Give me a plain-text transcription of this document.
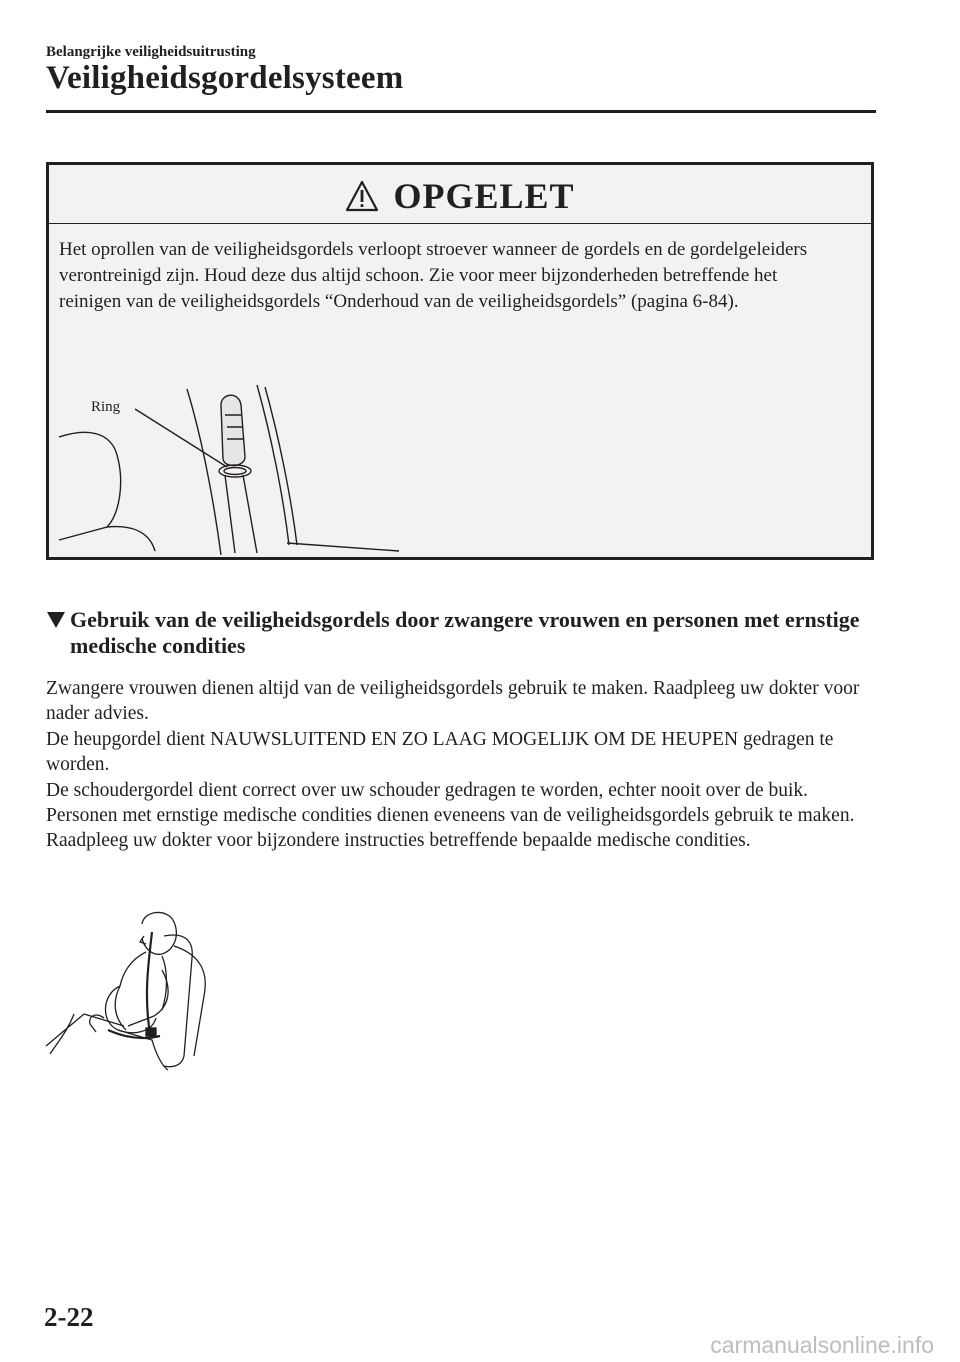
Belangrijke veiligheidsuitrusting
Veiligheidsgordelsysteem
OPGELET
Het oprollen van de veiligheidsgordels verloopt stroever wanneer de gordels en de gordelgeleiders verontreinigd zijn. Houd deze dus altijd schoon. Zie voor meer bijzonderheden betreffende het reinigen van de veiligheidsgordels “Onderhoud van de veiligheidsgordels” (pagina 6-84).
Ring
Gebruik van de veiligheidsgordels door zwangere vrouwen en personen met ernstige medische condities

Zwangere vrouwen dienen altijd van de veiligheidsgordels gebruik te maken. Raadpleeg uw dokter voor nader advies.

De heupgordel dient NAUWSLUITEND EN ZO LAAG MOGELIJK OM DE HEUPEN gedragen te worden.

De schoudergordel dient correct over uw schouder gedragen te worden, echter nooit over de buik.

Personen met ernstige medische condities dienen eveneens van de veiligheidsgordels gebruik te maken. Raadpleeg uw dokter voor bijzondere instructies betreffende bepaalde medische condities.

2-22
carmanualsonline.info
